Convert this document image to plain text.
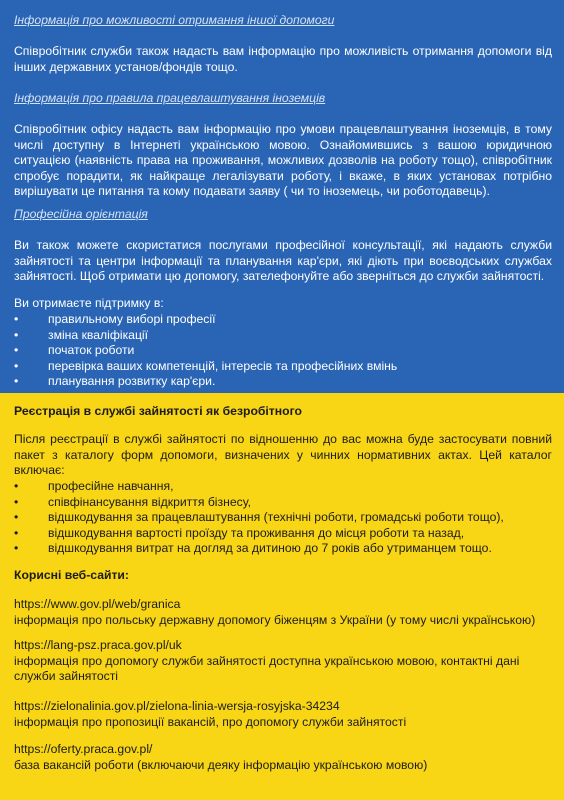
Інформація про можливості отримання іншої допомоги

Співробітник служби також надасть вам інформацію про можливість отримання допомоги від інших державних установ/фондів тощо.

Інформація про правила працевлаштування іноземців

Співробітник офісу надасть вам інформацію про умови працевлаштування іноземців, в тому числі доступну в Інтернеті українською мовою. Ознайомившись з вашою юридичною ситуацією (наявність права на проживання, можливих дозволів на роботу тощо), співробітник спробує порадити, як найкраще легалізувати роботу, і вкаже, в яких установах потрібно вирішувати це питання та кому подавати заяву ( чи то іноземець, чи роботодавець).

Професійна орієнтація

Ви також можете скористатися послугами професійної консультації, які надають служби зайнятості та центри інформації та планування кар'єри, які діють при воєводських службах зайнятості. Щоб отримати цю допомогу, зателефонуйте або зверніться до служби зайнятості.

Ви отримаєте підтримку в:

• правильному виборі професії
• зміна кваліфікації
• початок роботи
• перевірка ваших компетенцій, інтересів та професійних вмінь
• планування розвитку кар'єри.

Реєстрація в службі зайнятості як безробітного

Після реєстрації в службі зайнятості по відношенню до вас можна буде застосувати повний пакет з каталогу форм допомоги, визначених у чинних нормативних актах. Цей каталог включає:

• професійне навчання,
• співфінансування відкриття бізнесу,
• відшкодування за працевлаштування (технічні роботи, громадські роботи тощо),
• відшкодування вартості проїзду та проживання до місця роботи та назад,
• відшкодування витрат на догляд за дитиною до 7 років або утриманцем тощо.

Корисні веб-сайти:

https://www.gov.pl/web/granica
інформація про польську державну допомогу біженцям з України (у тому числі українською)
https://lang-psz.praca.gov.pl/uk
інформація про допомогу служби зайнятості доступна українською мовою, контактні дані служби зайнятості
https://zielonalinia.gov.pl/zielona-linia-wersja-rosyjska-34234
інформація про пропозиції вакансій, про допомогу служби зайнятості
https://oferty.praca.gov.pl/
база вакансій роботи (включаючи деяку інформацію українською мовою)
